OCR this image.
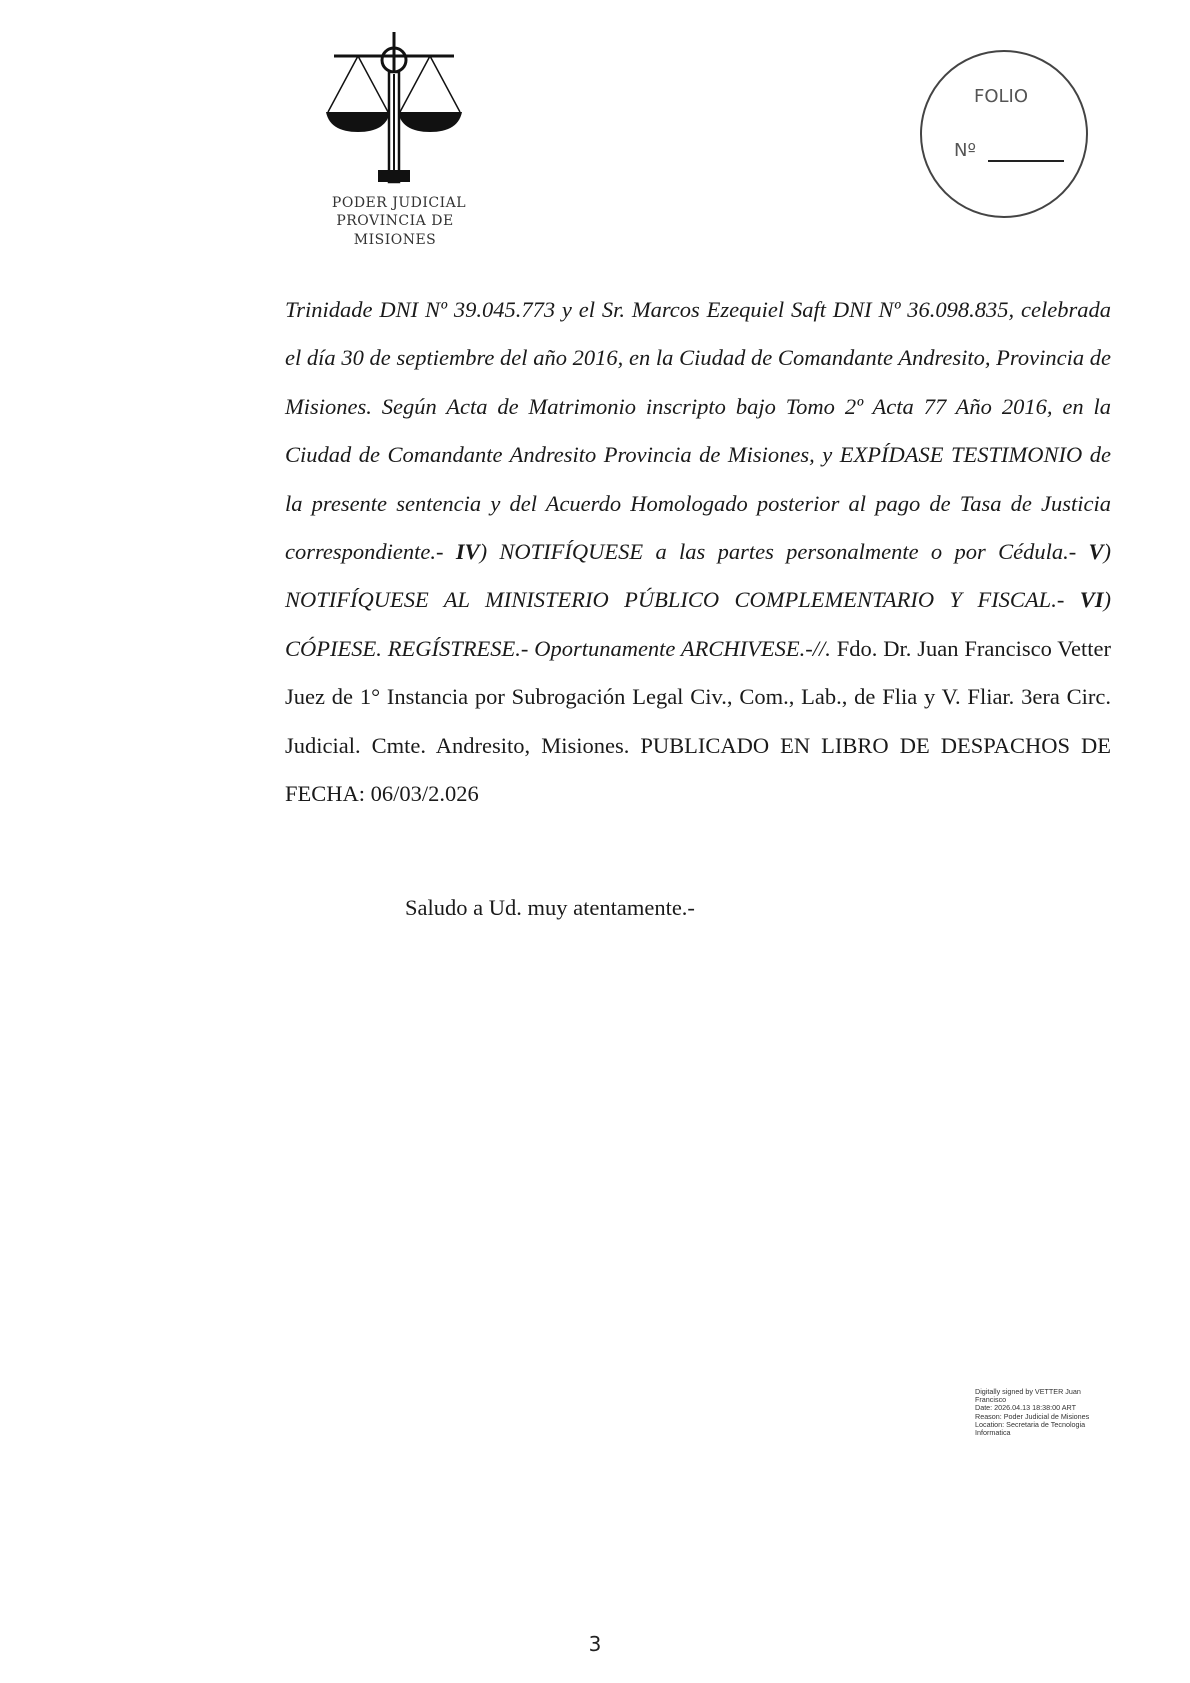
PODER JUDICIAL
PROVINCIA DE MISIONES
FOLIO
Nº

Trinidade DNI Nº 39.045.773 y el Sr. Marcos Ezequiel Saft DNI Nº 36.098.835, celebrada el día 30 de septiembre del año 2016, en la Ciudad de Comandante Andresito, Provincia de Misiones. Según Acta de Matrimonio inscripto bajo Tomo 2º Acta 77 Año 2016, en la Ciudad de Comandante Andresito Provincia de Misiones, y EXPÍDASE TESTIMONIO de la presente sentencia y del Acuerdo Homologado posterior al pago de Tasa de Justicia correspondiente.- IV) NOTIFÍQUESE a las partes personalmente o por Cédula.- V) NOTIFÍQUESE AL MINISTERIO PÚBLICO COMPLEMENTARIO Y FISCAL.- VI) CÓPIESE. REGÍSTRESE.- Oportunamente ARCHIVESE.-//. Fdo. Dr. Juan Francisco Vetter Juez de 1° Instancia por Subrogación Legal Civ., Com., Lab., de Flia y V. Fliar. 3era Circ. Judicial. Cmte. Andresito, Misiones. PUBLICADO EN LIBRO DE DESPACHOS DE FECHA: 06/03/2.026

Saludo a Ud. muy atentamente.-
Digitally signed by VETTER Juan
Francisco
Date: 2026.04.13 18:38:00 ART
Reason: Poder Judicial de Misiones
Location: Secretaria de Tecnologia
Informatica
3
